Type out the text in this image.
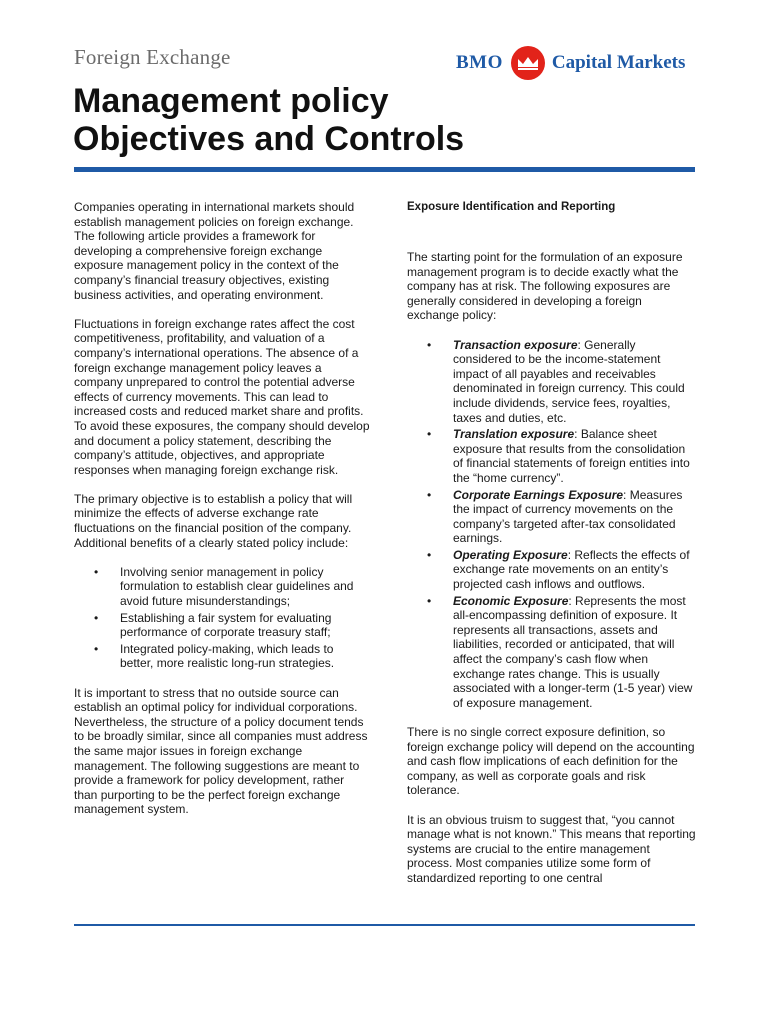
Foreign Exchange	BMO	Capital Markets
Management policy
Objectives and Controls

Companies operating in international markets should establish management policies on foreign exchange. The following article provides a framework for developing a comprehensive foreign exchange exposure management policy in the context of the company’s financial treasury objectives, existing business activities, and operating environment.

Fluctuations in foreign exchange rates affect the cost competitiveness, profitability, and valuation of a company’s international operations. The absence of a foreign exchange management policy leaves a company unprepared to control the potential adverse effects of currency movements. This can lead to increased costs and reduced market share and profits. To avoid these exposures, the company should develop and document a policy statement, describing the company’s attitude, objectives, and appropriate responses when managing foreign exchange risk.

The primary objective is to establish a policy that will minimize the effects of adverse exchange rate fluctuations on the financial position of the company. Additional benefits of a clearly stated policy include:

• Involving senior management in policy formulation to establish clear guidelines and avoid future misunderstandings;
• Establishing a fair system for evaluating performance of corporate treasury staff;
• Integrated policy-making, which leads to better, more realistic long-run strategies.

It is important to stress that no outside source can establish an optimal policy for individual corporations. Nevertheless, the structure of a policy document tends to be broadly similar, since all companies must address the same major issues in foreign exchange management. The following suggestions are meant to provide a framework for policy development, rather than purporting to be the perfect foreign exchange management system.

Exposure Identification and Reporting

The starting point for the formulation of an exposure management program is to decide exactly what the company has at risk. The following exposures are generally considered in developing a foreign exchange policy:

• Transaction exposure: Generally considered to be the income-statement impact of all payables and receivables denominated in foreign currency. This could include dividends, service fees, royalties, taxes and duties, etc.
• Translation exposure: Balance sheet exposure that results from the consolidation of financial statements of foreign entities into the “home currency”.
• Corporate Earnings Exposure: Measures the impact of currency movements on the company’s targeted after-tax consolidated earnings.
• Operating Exposure: Reflects the effects of exchange rate movements on an entity’s projected cash inflows and outflows.
• Economic Exposure: Represents the most all-encompassing definition of exposure. It represents all transactions, assets and liabilities, recorded or anticipated, that will affect the company’s cash flow when exchange rates change. This is usually associated with a longer-term (1-5 year) view of exposure management.

There is no single correct exposure definition, so foreign exchange policy will depend on the accounting and cash flow implications of each definition for the company, as well as corporate goals and risk tolerance.

It is an obvious truism to suggest that, “you cannot manage what is not known.” This means that reporting systems are crucial to the entire management process. Most companies utilize some form of standardized reporting to one central
